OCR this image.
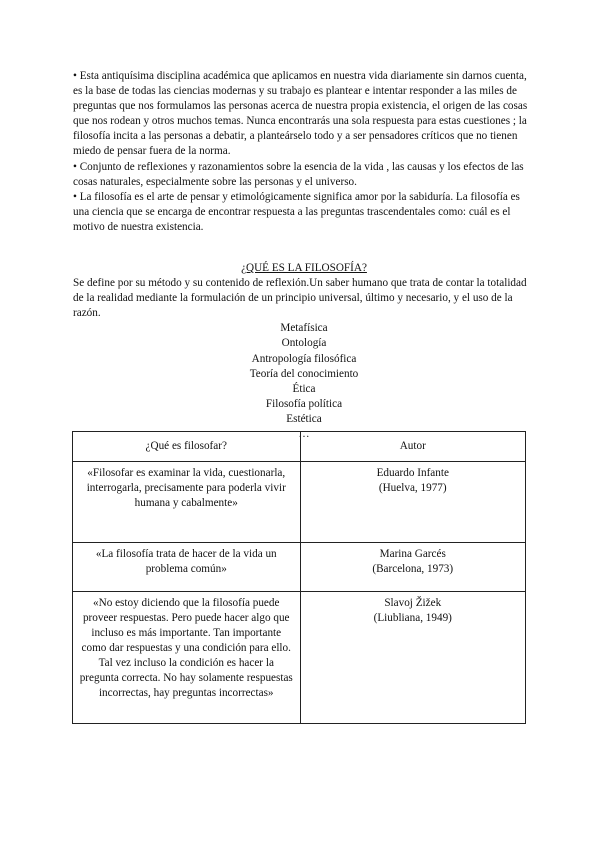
• Esta antiquísima disciplina académica que aplicamos en nuestra vida diariamente sin darnos cuenta, es la base de todas las ciencias modernas y su trabajo es plantear e intentar responder a las miles de preguntas que nos formulamos las personas acerca de nuestra propia existencia, el origen de las cosas que nos rodean y otros muchos temas. Nunca encontrarás una sola respuesta para estas cuestiones ; la filosofía incita a las personas a debatir, a planteárselo todo y a ser pensadores críticos que no tienen miedo de pensar fuera de la norma.

• Conjunto de reflexiones y razonamientos sobre la esencia de la vida , las causas y los efectos de las cosas naturales, especialmente sobre las personas y el universo.

• La filosofía es el arte de pensar y etimológicamente significa amor por la sabiduría. La filosofía es una ciencia que se encarga de encontrar respuesta a las preguntas trascendentales como: cuál es el motivo de nuestra existencia.

¿QUÉ ES LA FILOSOFÍA?

Se define por su método y su contenido de reflexión.Un saber humano que trata de contar la totalidad de la realidad mediante la formulación de un principio universal, último y necesario, y el uso de la razón.

Metafísica
Ontología
Antropología filosófica
Teoría del conocimiento
Ética
Filosofía política
Estética
…
¿Qué es filosofar?	Autor
«Filosofar es examinar la vida, cuestionarla, interrogarla, precisamente para poderla vivir humana y cabalmente»	Eduardo Infante
(Huelva, 1977)

«La filosofía trata de hacer de la vida un problema común»	Marina Garcés
(Barcelona, 1973)

«No estoy diciendo que la filosofía puede proveer respuestas. Pero puede hacer algo que incluso es más importante. Tan importante como dar respuestas y una condición para ello. Tal vez incluso la condición es hacer la pregunta correcta. No hay solamente respuestas incorrectas, hay preguntas incorrectas»	Slavoj Žižek
(Liubliana, 1949)
